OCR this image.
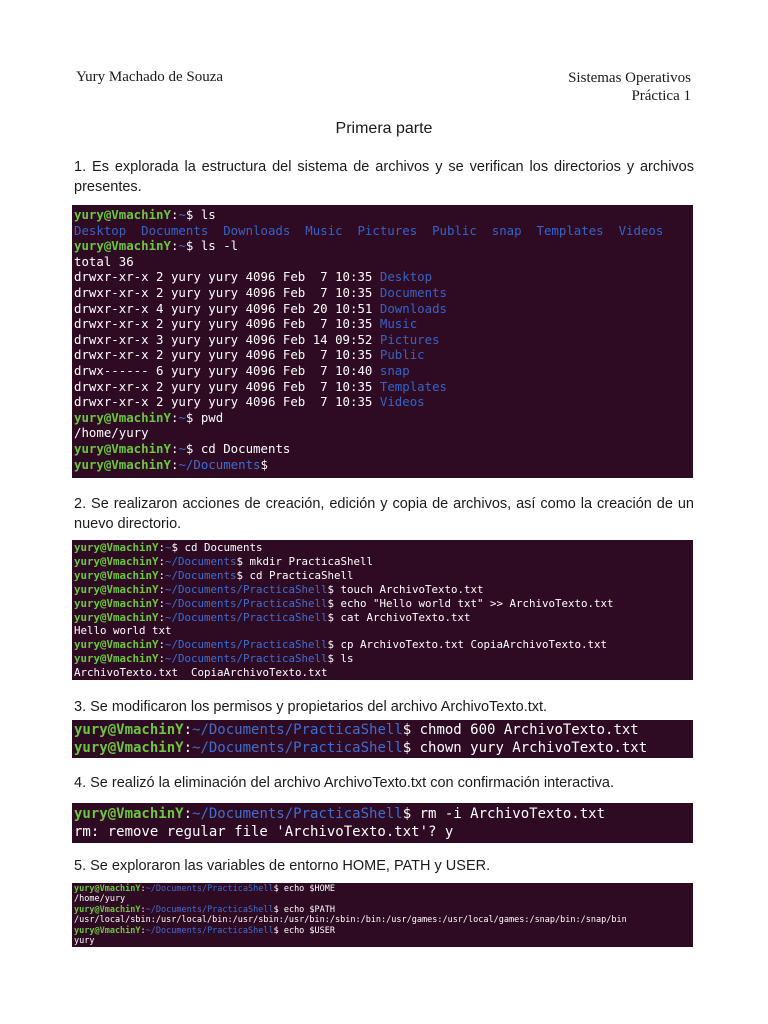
Yury Machado de Souza	Sistemas Operativos
Práctica 1
Primera parte
1. Es explorada la estructura del sistema de archivos y se verifican los directorios y archivos presentes.
yury@VmachinY:~$ ls
Desktop  Documents  Downloads  Music  Pictures  Public  snap  Templates  Videos
yury@VmachinY:~$ ls -l
total 36
drwxr-xr-x 2 yury yury 4096 Feb  7 10:35 Desktop
drwxr-xr-x 2 yury yury 4096 Feb  7 10:35 Documents
drwxr-xr-x 4 yury yury 4096 Feb 20 10:51 Downloads
drwxr-xr-x 2 yury yury 4096 Feb  7 10:35 Music
drwxr-xr-x 3 yury yury 4096 Feb 14 09:52 Pictures
drwxr-xr-x 2 yury yury 4096 Feb  7 10:35 Public
drwx------ 6 yury yury 4096 Feb  7 10:40 snap
drwxr-xr-x 2 yury yury 4096 Feb  7 10:35 Templates
drwxr-xr-x 2 yury yury 4096 Feb  7 10:35 Videos
yury@VmachinY:~$ pwd
/home/yury
yury@VmachinY:~$ cd Documents
yury@VmachinY:~/Documents$
2. Se realizaron acciones de creación, edición y copia de archivos, así como la creación de un nuevo directorio.
yury@VmachinY:~$ cd Documents
yury@VmachinY:~/Documents$ mkdir PracticaShell
yury@VmachinY:~/Documents$ cd PracticaShell
yury@VmachinY:~/Documents/PracticaShell$ touch ArchivoTexto.txt
yury@VmachinY:~/Documents/PracticaShell$ echo "Hello world txt" >> ArchivoTexto.txt
yury@VmachinY:~/Documents/PracticaShell$ cat ArchivoTexto.txt
Hello world txt
yury@VmachinY:~/Documents/PracticaShell$ cp ArchivoTexto.txt CopiaArchivoTexto.txt
yury@VmachinY:~/Documents/PracticaShell$ ls
ArchivoTexto.txt  CopiaArchivoTexto.txt
3. Se modificaron los permisos y propietarios del archivo ArchivoTexto.txt.
yury@VmachinY:~/Documents/PracticaShell$ chmod 600 ArchivoTexto.txt
yury@VmachinY:~/Documents/PracticaShell$ chown yury ArchivoTexto.txt
4. Se realizó la eliminación del archivo ArchivoTexto.txt con confirmación interactiva.
yury@VmachinY:~/Documents/PracticaShell$ rm -i ArchivoTexto.txt
rm: remove regular file 'ArchivoTexto.txt'? y
5. Se exploraron las variables de entorno HOME, PATH y USER.
yury@VmachinY:~/Documents/PracticaShell$ echo $HOME
/home/yury
yury@VmachinY:~/Documents/PracticaShell$ echo $PATH
/usr/local/sbin:/usr/local/bin:/usr/sbin:/usr/bin:/sbin:/bin:/usr/games:/usr/local/games:/snap/bin:/snap/bin
yury@VmachinY:~/Documents/PracticaShell$ echo $USER
yury
